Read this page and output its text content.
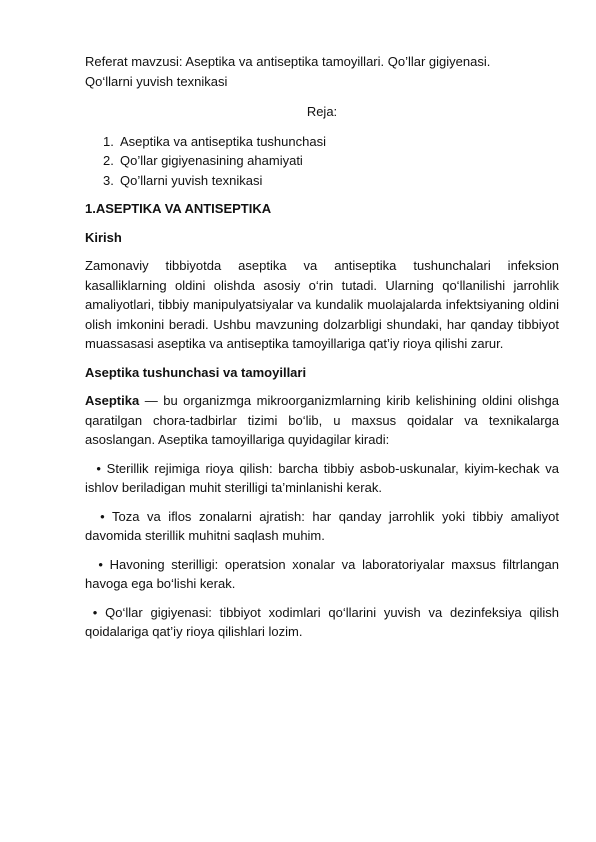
Referat mavzusi: Aseptika va antiseptika tamoyillari. Qo’llar gigiyenasi.

Qo‘llarni yuvish texnikasi

Reja:

1. Aseptika va antiseptika tushunchasi
2. Qo’llar gigiyenasining ahamiyati
3. Qo’llarni yuvish texnikasi

1.ASEPTIKA VA ANTISEPTIKA

Kirish

Zamonaviy tibbiyotda aseptika va antiseptika tushunchalari infeksion kasalliklarning oldini olishda asosiy o‘rin tutadi. Ularning qo‘llanilishi jarrohlik amaliyotlari, tibbiy manipulyatsiyalar va kundalik muolajalarda infektsiyaning oldini olish imkonini beradi. Ushbu mavzuning dolzarbligi shundaki, har qanday tibbiyot muassasasi aseptika va antiseptika tamoyillariga qat’iy rioya qilishi zarur.

Aseptika tushunchasi va tamoyillari

Aseptika — bu organizmga mikroorganizmlarning kirib kelishining oldini olishga qaratilgan chora-tadbirlar tizimi bo‘lib, u maxsus qoidalar va texnikalarga asoslangan. Aseptika tamoyillariga quyidagilar kiradi:

• Sterillik rejimiga rioya qilish: barcha tibbiy asbob-uskunalar, kiyim-kechak va ishlov beriladigan muhit sterilligi ta’minlanishi kerak.

• Toza va iflos zonalarni ajratish: har qanday jarrohlik yoki tibbiy amaliyot davomida sterillik muhitni saqlash muhim.

• Havoning sterilligi: operatsion xonalar va laboratoriyalar maxsus filtrlangan havoga ega bo‘lishi kerak.

• Qo‘llar gigiyenasi: tibbiyot xodimlari qo‘llarini yuvish va dezinfeksiya qilish qoidalariga qat’iy rioya qilishlari lozim.
